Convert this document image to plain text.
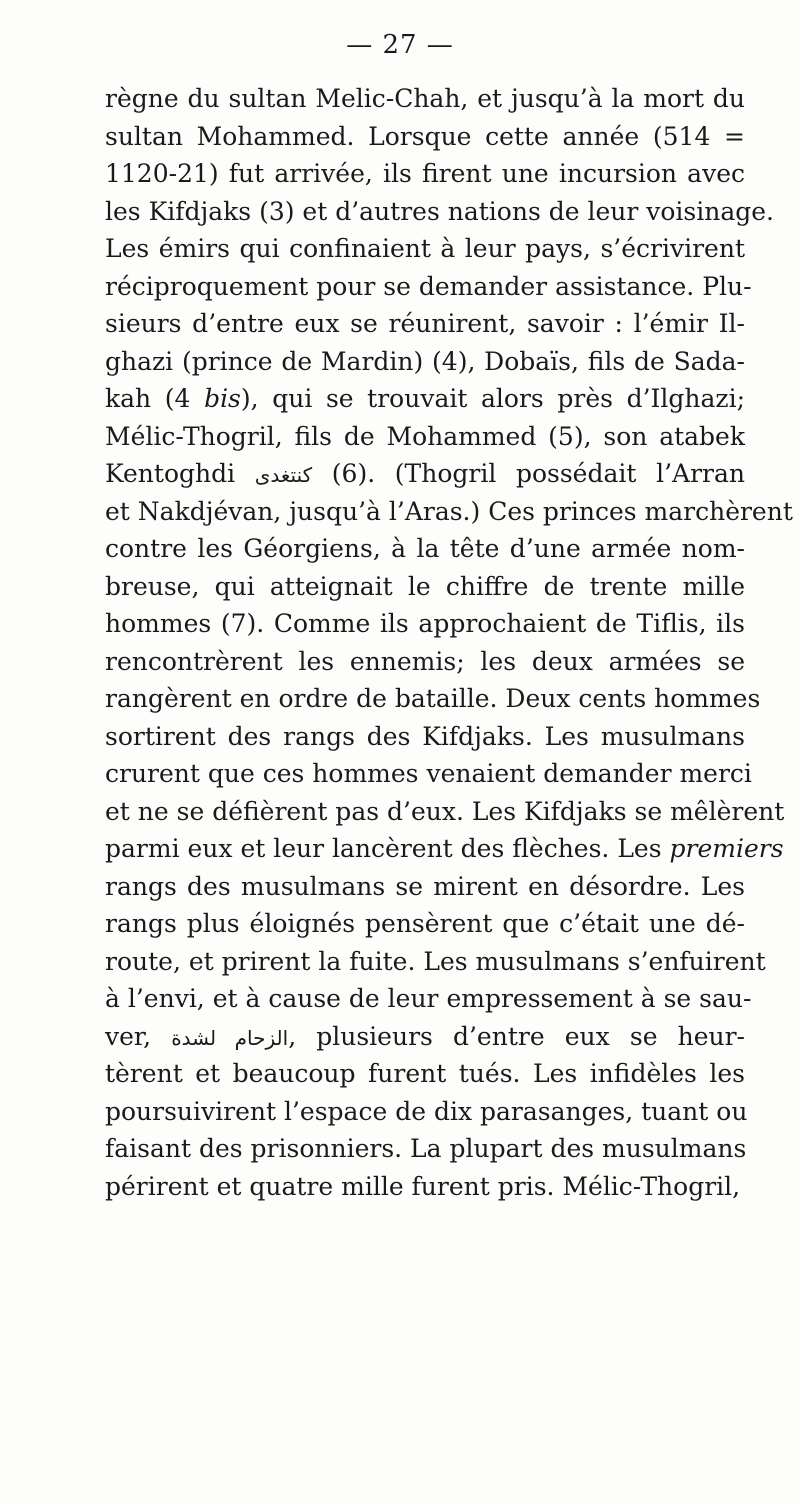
— 27 —
règne du sultan Melic-Chah, et jusqu’à la mort du
sultan Mohammed. Lorsque cette année (514 =
1120-21) fut arrivée, ils firent une incursion avec
les Kifdjaks (3) et d’autres nations de leur voisinage.
Les émirs qui confinaient à leur pays, s’écrivirent
réciproquement pour se demander assistance. Plu-
sieurs d’entre eux se réunirent, savoir : l’émir Il-
ghazi (prince de Mardin) (4), Dobaïs, fils de Sada-
kah (4 bis), qui se trouvait alors près d’Ilghazi;
Mélic-Thogril, fils de Mohammed (5), son atabek
Kentoghdi كنتغدى (6). (Thogril possédait l’Arran
et Nakdjévan, jusqu’à l’Aras.) Ces princes marchèrent
contre les Géorgiens, à la tête d’une armée nom-
breuse, qui atteignait le chiffre de trente mille
hommes (7). Comme ils approchaient de Tiflis, ils
rencontrèrent les ennemis; les deux armées se
rangèrent en ordre de bataille. Deux cents hommes
sortirent des rangs des Kifdjaks. Les musulmans
crurent que ces hommes venaient demander merci
et ne se défièrent pas d’eux. Les Kifdjaks se mêlèrent
parmi eux et leur lancèrent des flèches. Les premiers
rangs des musulmans se mirent en désordre. Les
rangs plus éloignés pensèrent que c’était une dé-
route, et prirent la fuite. Les musulmans s’enfuirent
à l’envi, et à cause de leur empressement à se sau-
ver, الزحام لشدة, plusieurs d’entre eux se heur-
tèrent et beaucoup furent tués. Les infidèles les
poursuivirent l’espace de dix parasanges, tuant ou
faisant des prisonniers. La plupart des musulmans
périrent et quatre mille furent pris. Mélic-Thogril,
